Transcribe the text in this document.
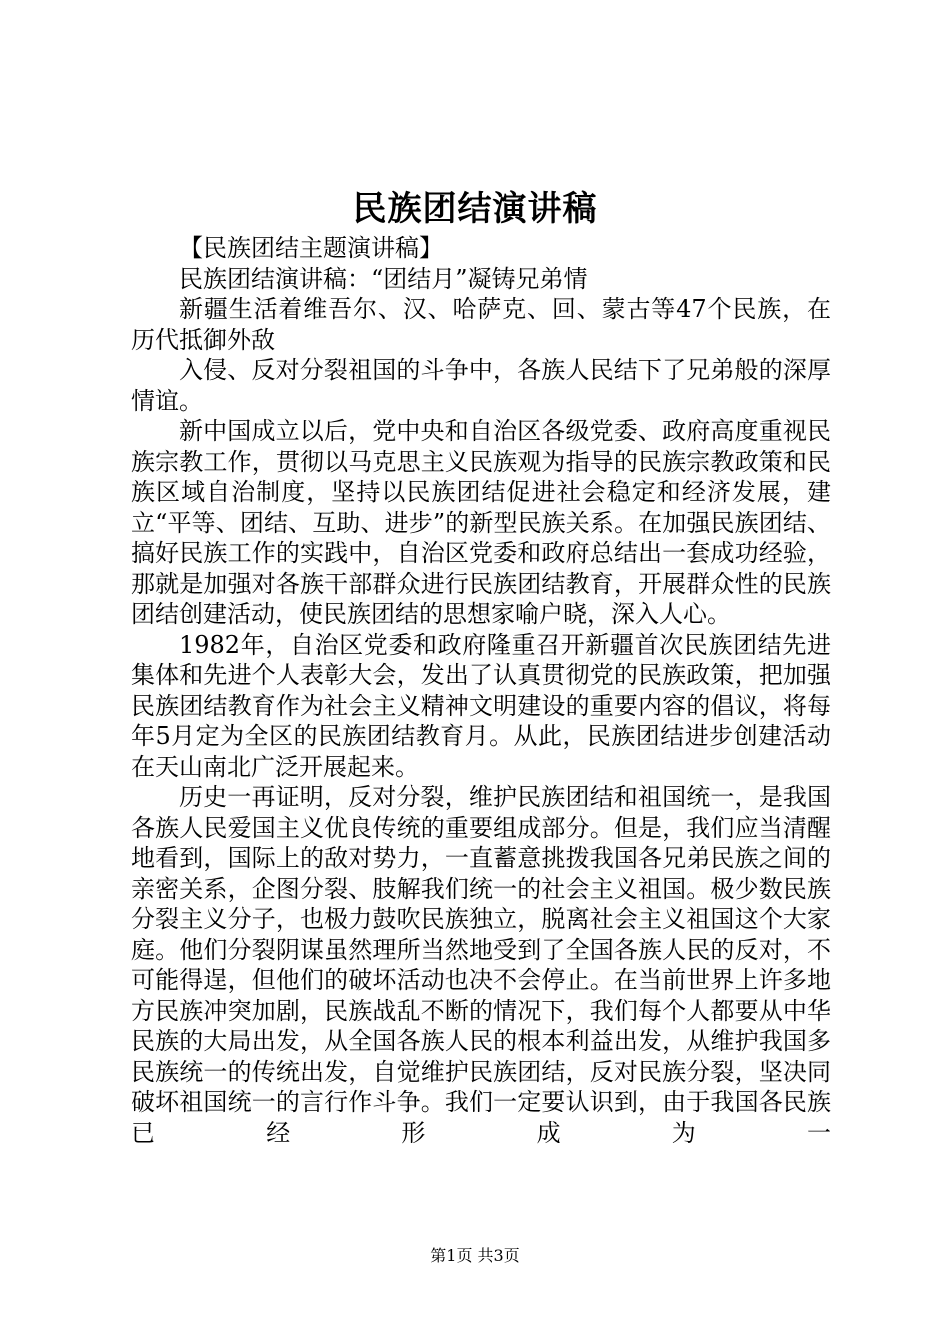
民族团结演讲稿

【民族团结主题演讲稿】

民族团结演讲稿：“团结月”凝铸兄弟情

新疆生活着维吾尔、汉、哈萨克、回、蒙古等47个民族，在历代抵御外敌

入侵、反对分裂祖国的斗争中，各族人民结下了兄弟般的深厚情谊。

新中国成立以后，党中央和自治区各级党委、政府高度重视民族宗教工作，贯彻以马克思主义民族观为指导的民族宗教政策和民族区域自治制度，坚持以民族团结促进社会稳定和经济发展，建立“平等、团结、互助、进步”的新型民族关系。在加强民族团结、搞好民族工作的实践中，自治区党委和政府总结出一套成功经验，那就是加强对各族干部群众进行民族团结教育，开展群众性的民族团结创建活动，使民族团结的思想家喻户晓，深入人心。

1982年，自治区党委和政府隆重召开新疆首次民族团结先进集体和先进个人表彰大会，发出了认真贯彻党的民族政策，把加强民族团结教育作为社会主义精神文明建设的重要内容的倡议，将每年5月定为全区的民族团结教育月。从此，民族团结进步创建活动在天山南北广泛开展起来。

历史一再证明，反对分裂，维护民族团结和祖国统一，是我国各族人民爱国主义优良传统的重要组成部分。但是，我们应当清醒地看到，国际上的敌对势力，一直蓄意挑拨我国各兄弟民族之间的亲密关系，企图分裂、肢解我们统一的社会主义祖国。极少数民族分裂主义分子，也极力鼓吹民族独立，脱离社会主义祖国这个大家庭。他们分裂阴谋虽然理所当然地受到了全国各族人民的反对，不可能得逞，但他们的破坏活动也决不会停止。在当前世界上许多地方民族冲突加剧，民族战乱不断的情况下，我们每个人都要从中华民族的大局出发，从全国各族人民的根本利益出发，从维护我国多民族统一的传统出发，自觉维护民族团结，反对民族分裂，坚决同破坏祖国统一的言行作斗争。我们一定要认识到，由于我国各民族已经形成为一

第1页 共3页
